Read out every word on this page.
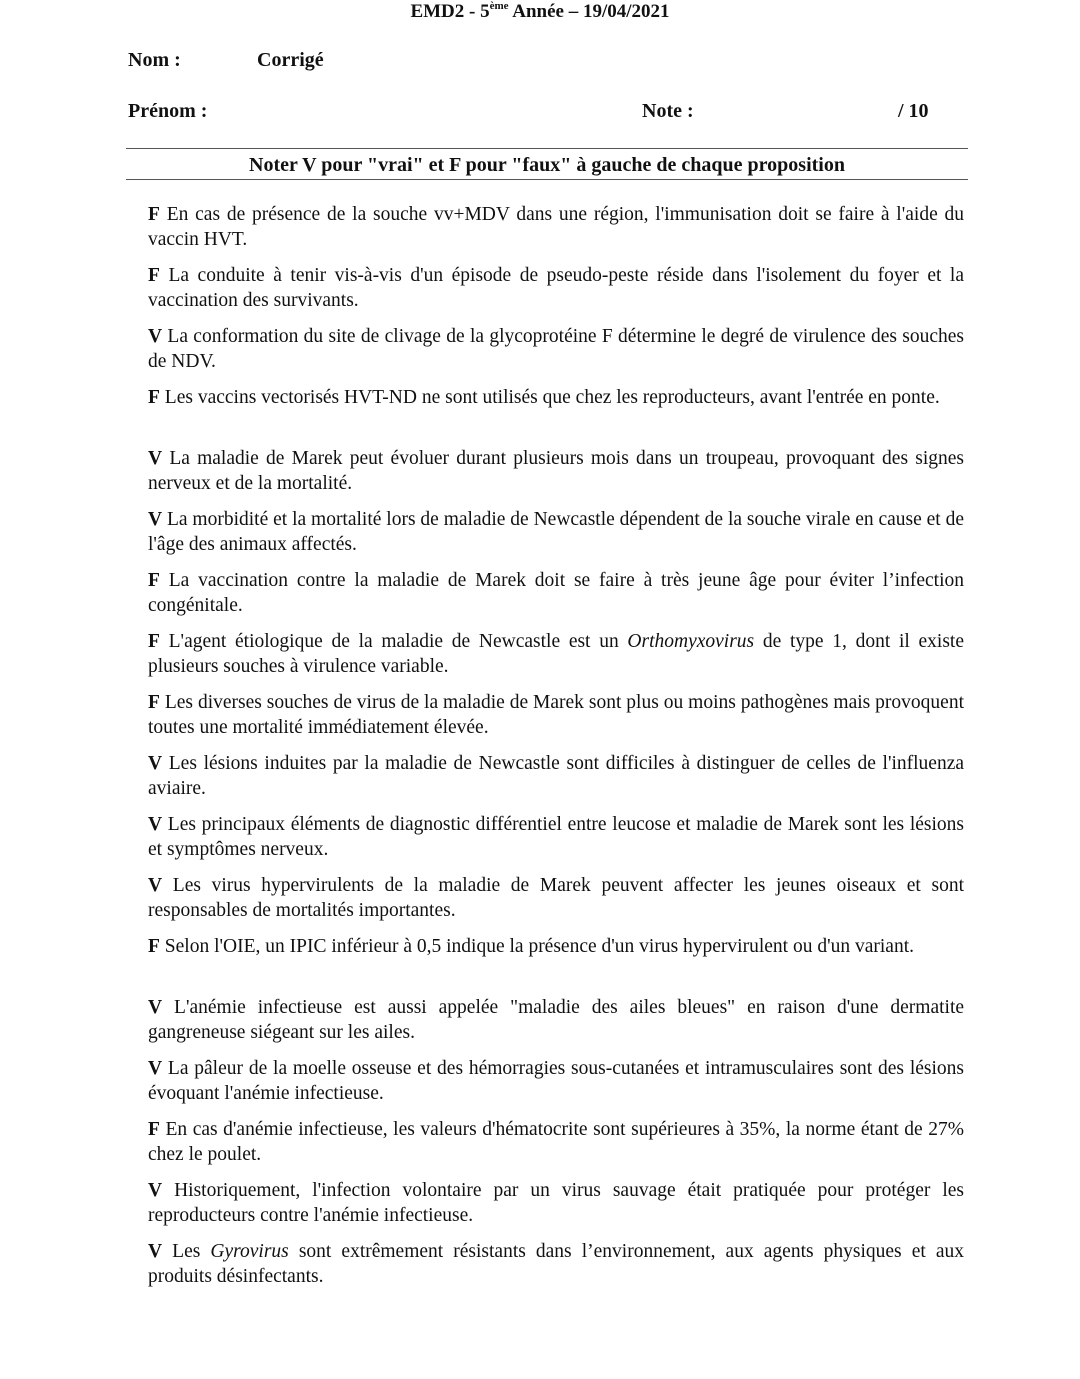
EMD2 - 5ème Année – 19/04/2021
Nom :	Corrigé
Prénom :	Note :	/ 10
Noter V pour "vrai" et F pour "faux" à gauche de chaque proposition
F En cas de présence de la souche vv+MDV dans une région, l'immunisation doit se faire à l'aide du vaccin HVT.
F La conduite à tenir vis-à-vis d'un épisode de pseudo-peste réside dans l'isolement du foyer et la vaccination des survivants.
V La conformation du site de clivage de la glycoprotéine F détermine le degré de virulence des souches de NDV.
F Les vaccins vectorisés HVT-ND ne sont utilisés que chez les reproducteurs, avant l'entrée en ponte.
V La maladie de Marek peut évoluer durant plusieurs mois dans un troupeau, provoquant des signes nerveux et de la mortalité.
V La morbidité et la mortalité lors de maladie de Newcastle dépendent de la souche virale en cause et de l'âge des animaux affectés.
F La vaccination contre la maladie de Marek doit se faire à très jeune âge pour éviter l’infection congénitale.
F L'agent étiologique de la maladie de Newcastle est un Orthomyxovirus de type 1, dont il existe plusieurs souches à virulence variable.
F Les diverses souches de virus de la maladie de Marek sont plus ou moins pathogènes mais provoquent toutes une mortalité immédiatement élevée.
V Les lésions induites par la maladie de Newcastle sont difficiles à distinguer de celles de l'influenza aviaire.
V Les principaux éléments de diagnostic différentiel entre leucose et maladie de Marek sont les lésions et symptômes nerveux.
V Les virus hypervirulents de la maladie de Marek peuvent affecter les jeunes oiseaux et sont responsables de mortalités importantes.
F Selon l'OIE, un IPIC inférieur à 0,5 indique la présence d'un virus hypervirulent ou d'un variant.
V L'anémie infectieuse est aussi appelée "maladie des ailes bleues" en raison d'une dermatite gangreneuse siégeant sur les ailes.
V La pâleur de la moelle osseuse et des hémorragies sous-cutanées et intramusculaires sont des lésions évoquant l'anémie infectieuse.
F En cas d'anémie infectieuse, les valeurs d'hématocrite sont supérieures à 35%, la norme étant de 27% chez le poulet.
V Historiquement, l'infection volontaire par un virus sauvage était pratiquée pour protéger les reproducteurs contre l'anémie infectieuse.
V Les Gyrovirus sont extrêmement résistants dans l’environnement, aux agents physiques et aux produits désinfectants.
